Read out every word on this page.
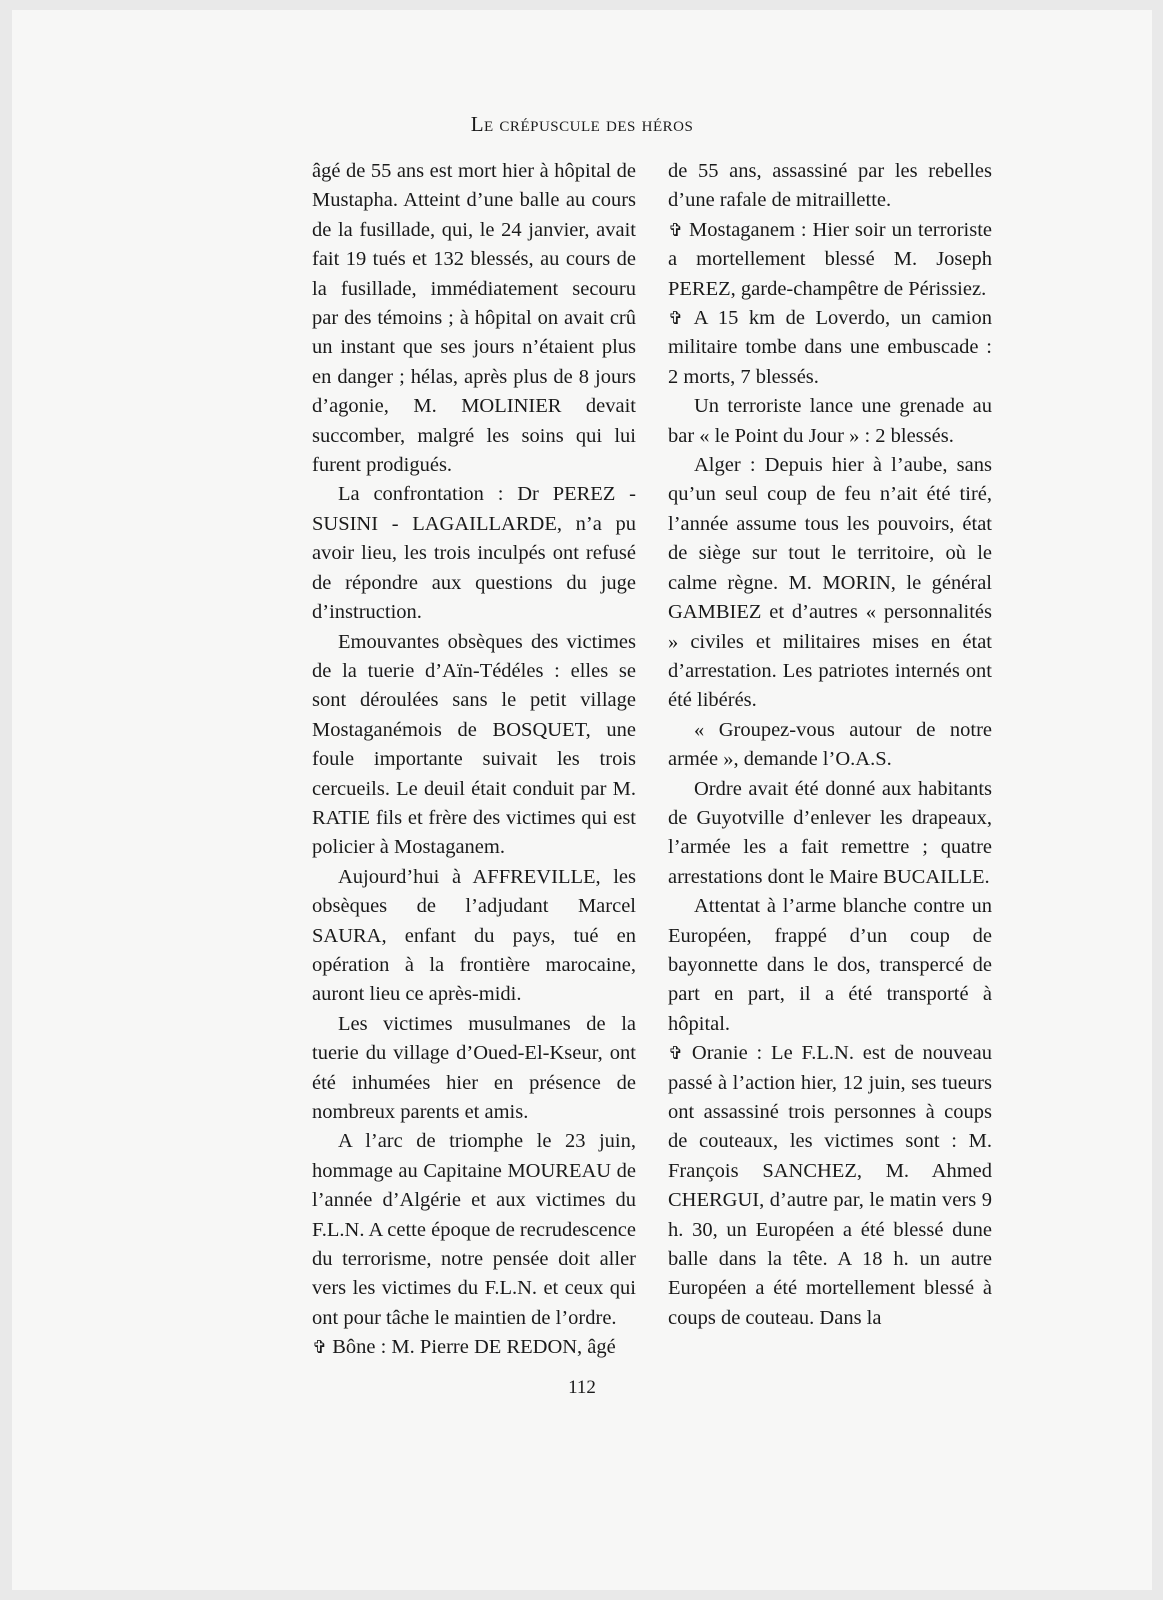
Le crépuscule des héros

âgé de 55 ans est mort hier à hôpital de Mustapha. Atteint d’une balle au cours de la fusillade, qui, le 24 janvier, avait fait 19 tués et 132 blessés, au cours de la fusillade, immédiatement secouru par des témoins ; à hôpital on avait crû un instant que ses jours n’étaient plus en danger ; hélas, après plus de 8 jours d’agonie, M. MOLINIER devait succomber, malgré les soins qui lui furent prodigués.

La confrontation : Dr PEREZ - SUSINI - LAGAILLARDE, n’a pu avoir lieu, les trois inculpés ont refusé de répondre aux questions du juge d’instruction.

Emouvantes obsèques des victimes de la tuerie d’Aïn-Tédéles : elles se sont déroulées sans le petit village Mostaganémois de BOSQUET, une foule importante suivait les trois cercueils. Le deuil était conduit par M. RATIE fils et frère des victimes qui est policier à Mostaganem.

Aujourd’hui à AFFREVILLE, les obsèques de l’adjudant Marcel SAURA, enfant du pays, tué en opération à la frontière marocaine, auront lieu ce après-midi.

Les victimes musulmanes de la tuerie du village d’Oued-El-Kseur, ont été inhumées hier en présence de nombreux parents et amis.

A l’arc de triomphe le 23 juin, hommage au Capitaine MOUREAU de l’année d’Algérie et aux victimes du F.L.N. A cette époque de recrudescence du terrorisme, notre pensée doit aller vers les victimes du F.L.N. et ceux qui ont pour tâche le maintien de l’ordre.

✞ Bône : M. Pierre DE REDON, âgé

de 55 ans, assassiné par les rebelles d’une rafale de mitraillette.

✞ Mostaganem : Hier soir un terroriste a mortellement blessé M. Joseph PEREZ, garde-champêtre de Périssiez.

✞ A 15 km de Loverdo, un camion militaire tombe dans une embuscade : 2 morts, 7 blessés.

Un terroriste lance une grenade au bar « le Point du Jour » : 2 blessés.

Alger : Depuis hier à l’aube, sans qu’un seul coup de feu n’ait été tiré, l’année assume tous les pouvoirs, état de siège sur tout le territoire, où le calme règne. M. MORIN, le général GAMBIEZ et d’autres « personnalités » civiles et militaires mises en état d’arrestation. Les patriotes internés ont été libérés.

« Groupez-vous autour de notre armée », demande l’O.A.S.

Ordre avait été donné aux habitants de Guyotville d’enlever les drapeaux, l’armée les a fait remettre ; quatre arrestations dont le Maire BUCAILLE.

Attentat à l’arme blanche contre un Européen, frappé d’un coup de bayonnette dans le dos, transpercé de part en part, il a été transporté à hôpital.

✞ Oranie : Le F.L.N. est de nouveau passé à l’action hier, 12 juin, ses tueurs ont assassiné trois personnes à coups de couteaux, les victimes sont : M. François SANCHEZ, M. Ahmed CHERGUI, d’autre par, le matin vers 9 h. 30, un Européen a été blessé dune balle dans la tête. A 18 h. un autre Européen a été mortellement blessé à coups de couteau. Dans la

112
